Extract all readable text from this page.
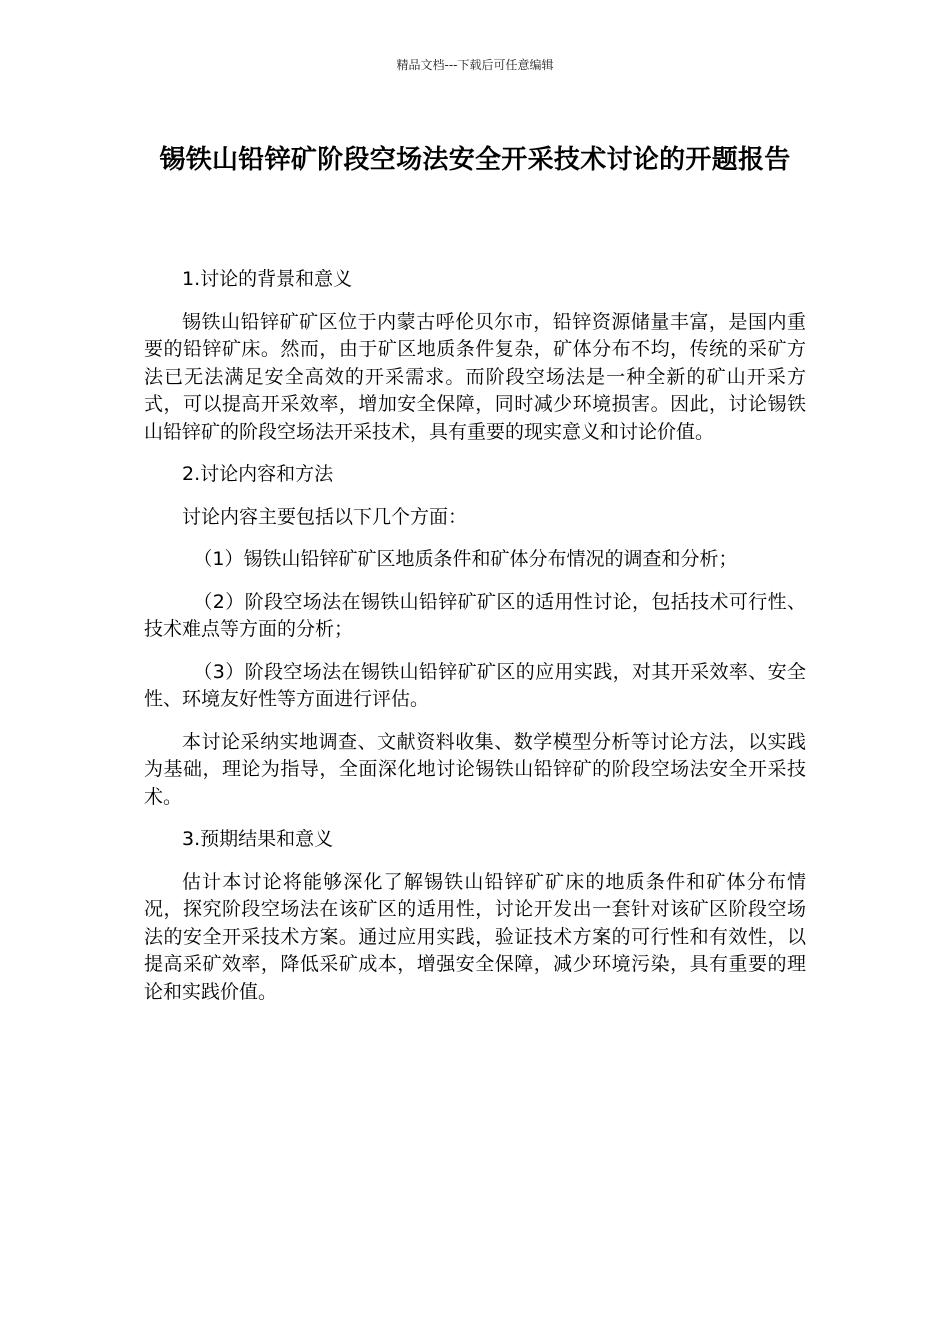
精品文档---下载后可任意编辑
锡铁山铅锌矿阶段空场法安全开采技术讨论的开题报告

1.讨论的背景和意义

锡铁山铅锌矿矿区位于内蒙古呼伦贝尔市，铅锌资源储量丰富，是国内重要的铅锌矿床。然而，由于矿区地质条件复杂，矿体分布不均，传统的采矿方法已无法满足安全高效的开采需求。而阶段空场法是一种全新的矿山开采方式，可以提高开采效率，增加安全保障，同时减少环境损害。因此，讨论锡铁山铅锌矿的阶段空场法开采技术，具有重要的现实意义和讨论价值。

2.讨论内容和方法

讨论内容主要包括以下几个方面：

（1）锡铁山铅锌矿矿区地质条件和矿体分布情况的调查和分析；

（2）阶段空场法在锡铁山铅锌矿矿区的适用性讨论，包括技术可行性、技术难点等方面的分析；

（3）阶段空场法在锡铁山铅锌矿矿区的应用实践，对其开采效率、安全性、环境友好性等方面进行评估。

本讨论采纳实地调查、文献资料收集、数学模型分析等讨论方法，以实践为基础，理论为指导，全面深化地讨论锡铁山铅锌矿的阶段空场法安全开采技术。

3.预期结果和意义

估计本讨论将能够深化了解锡铁山铅锌矿矿床的地质条件和矿体分布情况，探究阶段空场法在该矿区的适用性，讨论开发出一套针对该矿区阶段空场法的安全开采技术方案。通过应用实践，验证技术方案的可行性和有效性，以提高采矿效率，降低采矿成本，增强安全保障，减少环境污染，具有重要的理论和实践价值。
